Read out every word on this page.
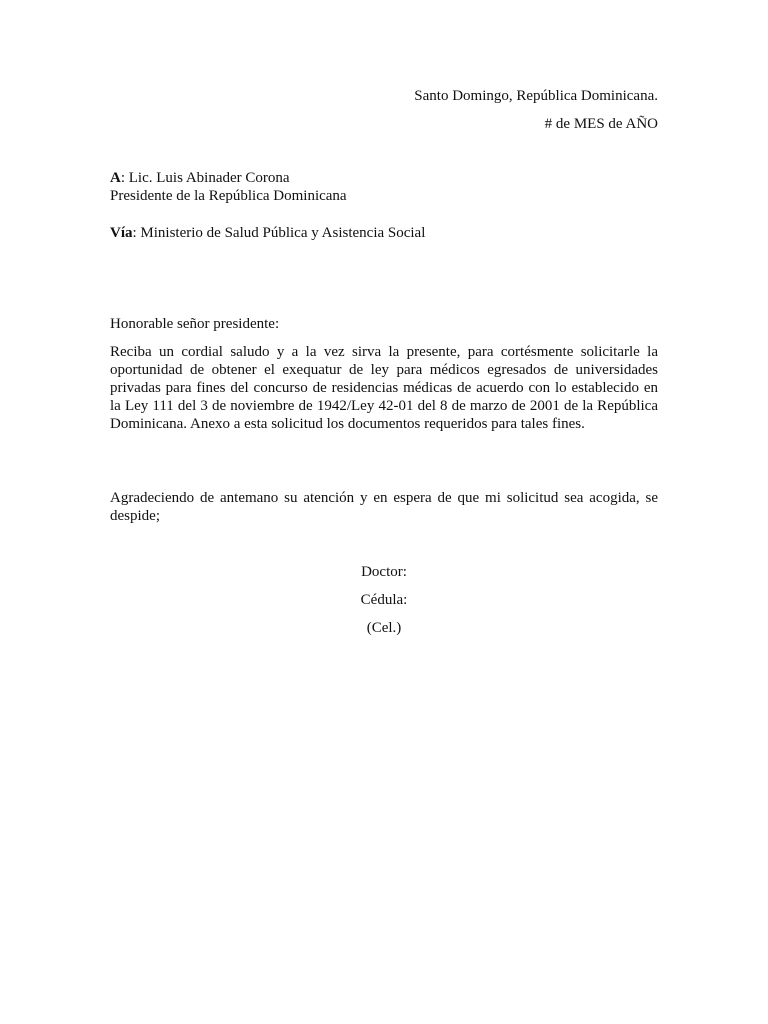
Santo Domingo, República Dominicana.
# de MES de AÑO
A: Lic. Luis Abinader Corona
Presidente de la República Dominicana
Vía: Ministerio de Salud Pública y Asistencia Social
Honorable señor presidente:
Reciba un cordial saludo y a la vez sirva la presente, para cortésmente solicitarle la oportunidad de obtener el exequatur de ley para médicos egresados de universidades privadas para fines del concurso de residencias médicas de acuerdo con lo establecido en la Ley 111 del 3 de noviembre de 1942/Ley 42-01 del 8 de marzo de 2001 de la República Dominicana. Anexo a esta solicitud los documentos requeridos para tales fines.
Agradeciendo de antemano su atención y en espera de que mi solicitud sea acogida, se despide;
Doctor:
Cédula:
(Cel.)
